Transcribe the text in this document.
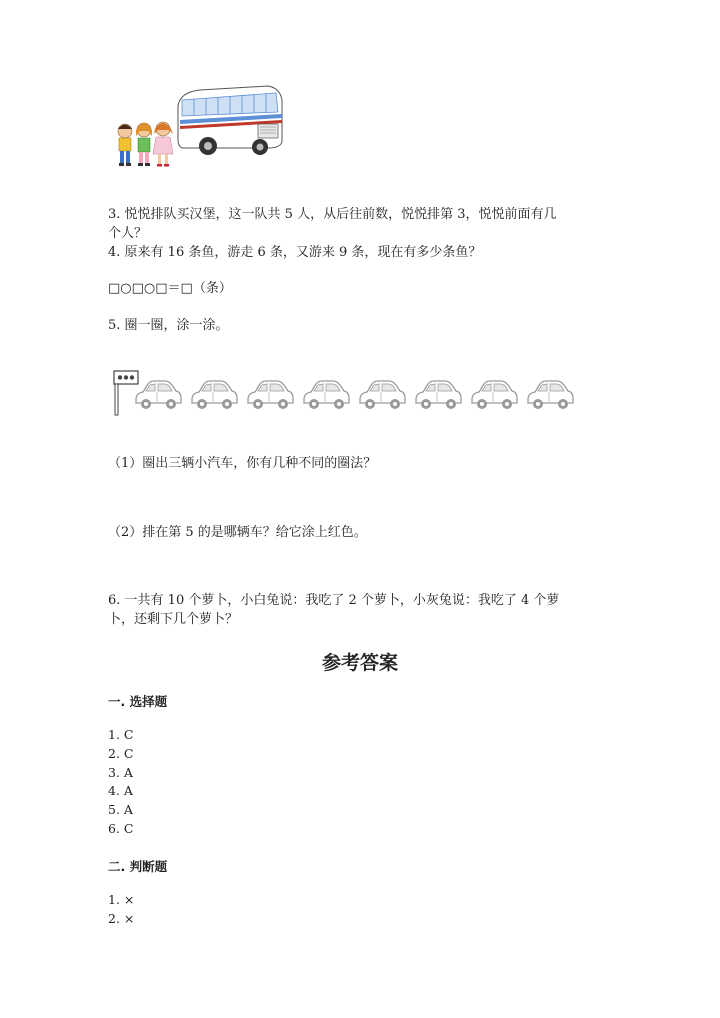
3. 悦悦排队买汉堡，这一队共 5 人，从后往前数，悦悦排第 3，悦悦前面有几
个人？
4. 原来有 16 条鱼，游走 6 条，又游来 9 条，现在有多少条鱼？
□○□○□＝□（条）
5. 圈一圈，涂一涂。
（1）圈出三辆小汽车，你有几种不同的圈法？
（2）排在第 5 的是哪辆车？给它涂上红色。
6. 一共有 10 个萝卜，小白兔说：我吃了 2 个萝卜，小灰兔说：我吃了 4 个萝
卜，还剩下几个萝卜？
参考答案
一. 选择题
1. C
2. C
3. A
4. A
5. A
6. C
二. 判断题
1. ×
2. ×
